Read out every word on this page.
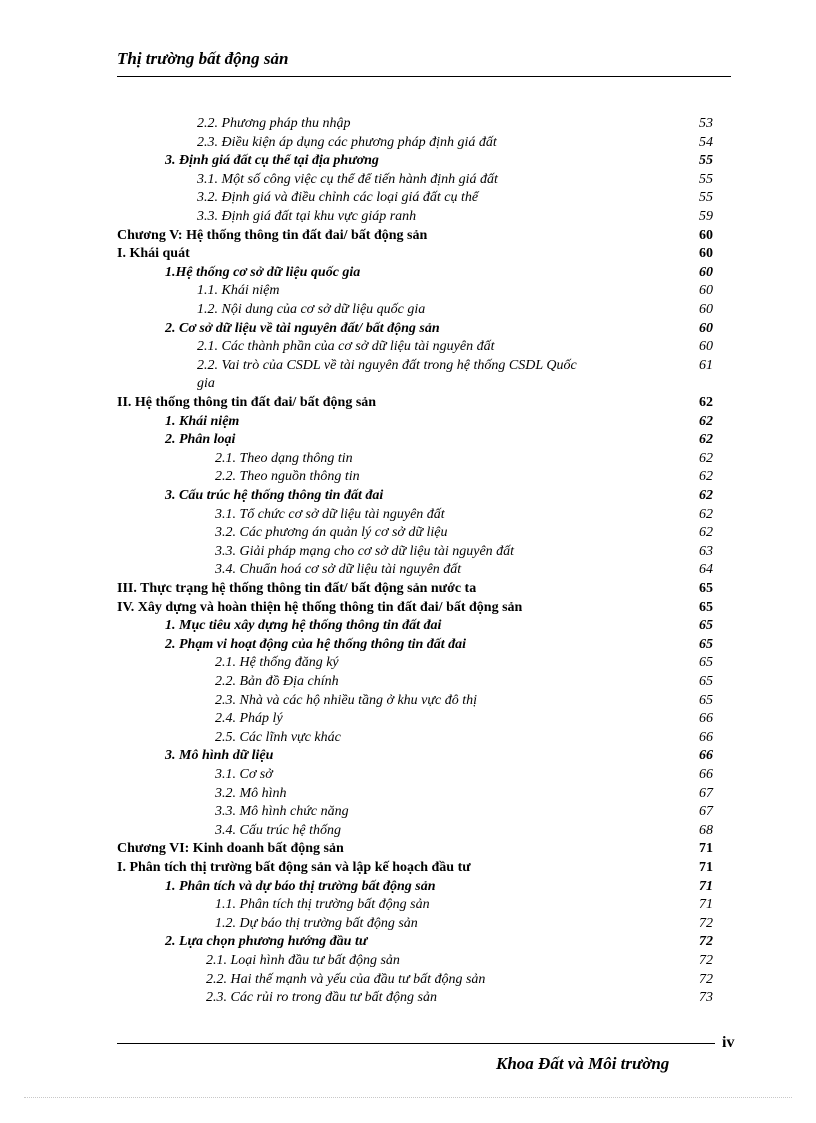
Thị trường bất động sản
2.2. Phương pháp thu nhập	53
2.3. Điều kiện áp dụng các phương pháp định giá đất	54
3. Định giá đất cụ thể tại địa phương	55
3.1. Một số công việc cụ thể để tiến hành định giá đất	55
3.2. Định giá và điều chỉnh các loại giá đất cụ thể	55
3.3. Định giá đất tại khu vực giáp ranh	59
Chương V: Hệ thống thông tin đất đai/ bất động sản	60
I. Khái quát	60
1.Hệ thống cơ sở dữ liệu quốc gia	60
1.1. Khái niệm	60
1.2. Nội dung của cơ sở dữ liệu quốc gia	60
2. Cơ sở dữ liệu về tài nguyên đất/ bất động sản	60
2.1. Các thành phần của cơ sở dữ liệu tài nguyên đất	60
2.2. Vai trò của CSDL về tài nguyên đất trong hệ thống CSDL Quốc	61
gia
II. Hệ thống thông tin đất đai/ bất động sản	62
1. Khái niệm	62
2. Phân loại	62
2.1. Theo dạng thông tin	62
2.2. Theo nguồn thông tin	62
3. Cấu trúc hệ thống thông tin đất đai	62
3.1. Tổ chức cơ sở dữ liệu tài nguyên đất	62
3.2. Các phương án quản lý cơ sở dữ liệu	62
3.3. Giải pháp mạng cho cơ sở dữ liệu tài nguyên đất	63
3.4. Chuẩn hoá cơ sở dữ liệu tài nguyên đất	64
III. Thực trạng hệ thống thông tin đất/ bất động sản nước ta	65
IV. Xây dựng và hoàn thiện hệ thống thông tin đất đai/ bất động sản	65
1. Mục tiêu xây dựng hệ thống thông tin đất đai	65
2. Phạm vi hoạt động của hệ thống thông tin đất đai	65
2.1. Hệ thống đăng ký	65
2.2. Bản đồ Địa chính	65
2.3. Nhà và các hộ nhiều tầng ở khu vực đô thị	65
2.4. Pháp lý	66
2.5. Các lĩnh vực khác	66
3. Mô hình dữ liệu	66
3.1. Cơ sở	66
3.2. Mô hình	67
3.3. Mô hình chức năng	67
3.4. Cấu trúc hệ thống	68
Chương VI: Kinh doanh bất động sản	71
I. Phân tích thị trường bất động sản và lập kế hoạch đầu tư	71
1. Phân tích và dự báo thị trường bất động sản	71
1.1. Phân tích thị trường bất động sản	71
1.2. Dự báo thị trường bất động sản	72
2. Lựa chọn phương hướng đầu tư	72
2.1. Loại hình đầu tư bất động sản	72
2.2. Hai thế mạnh và yếu của đầu tư bất động sản	72
2.3. Các rủi ro trong đầu tư bất động sản	73
iv
Khoa Đất và Môi trường
